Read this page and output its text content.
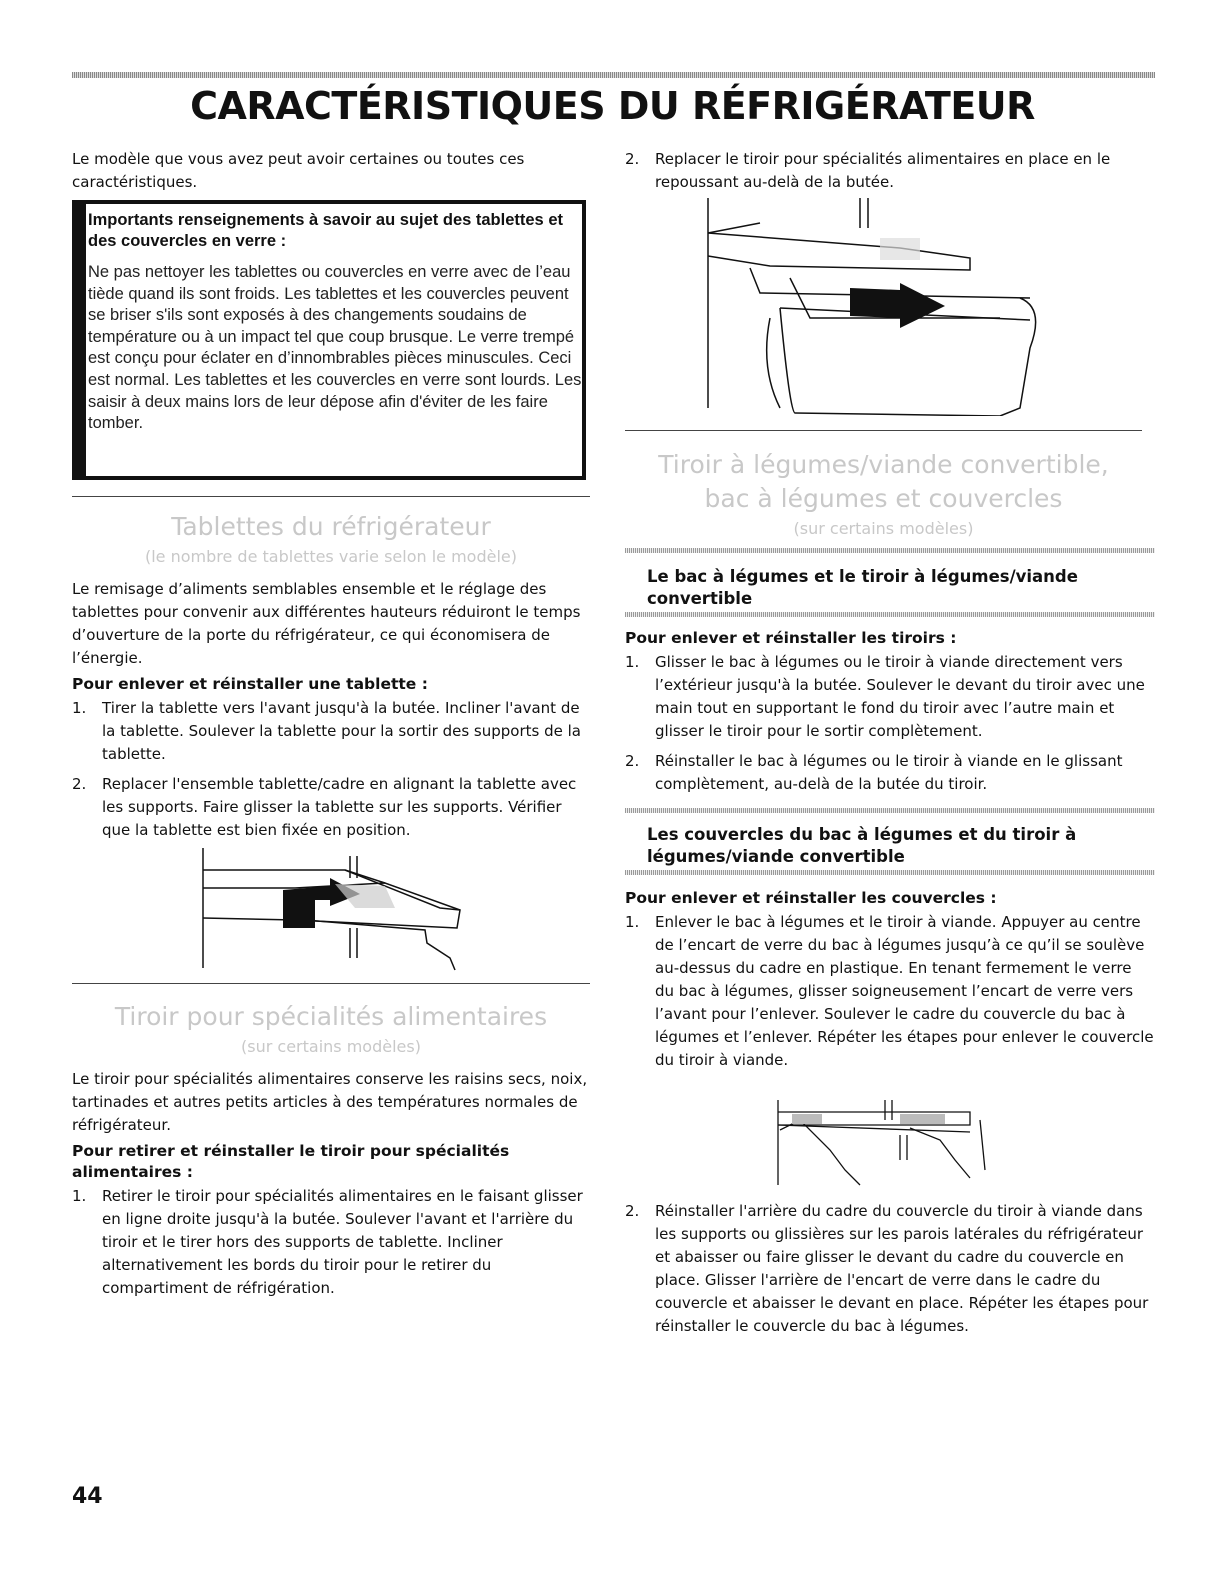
CARACTÉRISTIQUES DU RÉFRIGÉRATEUR

Le modèle que vous avez peut avoir certaines ou toutes ces caractéristiques.

Importants renseignements à savoir au sujet des tablettes et des couvercles en verre :
Ne pas nettoyer les tablettes ou couvercles en verre avec de l’eau tiède quand ils sont froids. Les tablettes et les couvercles peuvent se briser s'ils sont exposés à des changements soudains de température ou à un impact tel que coup brusque. Le verre trempé est conçu pour éclater en d’innombrables pièces minuscules. Ceci est normal. Les tablettes et les couvercles en verre sont lourds. Les saisir à deux mains lors de leur dépose afin d'éviter de les faire tomber.
Tablettes du réfrigérateur
(le nombre de tablettes varie selon le modèle)

Le remisage d’aliments semblables ensemble et le réglage des tablettes pour convenir aux différentes hauteurs réduiront le temps d’ouverture de la porte du réfrigérateur, ce qui économisera de l’énergie.

Pour enlever et réinstaller une tablette :
1.	Tirer la tablette vers l'avant jusqu'à la butée. Incliner l'avant de la tablette. Soulever la tablette pour la sortir des supports de la tablette.
2.	Replacer l'ensemble tablette/cadre en alignant la tablette avec les supports. Faire glisser la tablette sur les supports. Vérifier que la tablette est bien fixée en position.
Tiroir pour spécialités alimentaires
(sur certains modèles)

Le tiroir pour spécialités alimentaires conserve les raisins secs, noix, tartinades et autres petits articles à des températures normales de réfrigérateur.

Pour retirer et réinstaller le tiroir pour spécialités alimentaires :
1.	Retirer le tiroir pour spécialités alimentaires en le faisant glisser en ligne droite jusqu'à la butée. Soulever l'avant et l'arrière du tiroir et le tirer hors des supports de tablette. Incliner alternativement les bords du tiroir pour le retirer du compartiment de réfrigération.
44
2.	Replacer le tiroir pour spécialités alimentaires en place en le repoussant au-delà de la butée.
Tiroir à légumes/viande convertible,
bac à légumes et couvercles
(sur certains modèles)
Le bac à légumes et le tiroir à légumes/viande convertible
Pour enlever et réinstaller les tiroirs :
1.	Glisser le bac à légumes ou le tiroir à viande directement vers l’extérieur jusqu'à la butée. Soulever le devant du tiroir avec une main tout en supportant le fond du tiroir avec l’autre main et glisser le tiroir pour le sortir complètement.
2.	Réinstaller le bac à légumes ou le tiroir à viande en le glissant complètement, au-delà de la butée du tiroir.
Les couvercles du bac à légumes et du tiroir à légumes/viande convertible
Pour enlever et réinstaller les couvercles :
1.	Enlever le bac à légumes et le tiroir à viande. Appuyer au centre de l’encart de verre du bac à légumes jusqu’à ce qu’il se soulève au-dessus du cadre en plastique. En tenant fermement le verre du bac à légumes, glisser soigneusement l’encart de verre vers l’avant pour l’enlever. Soulever le cadre du couvercle du bac à légumes et l’enlever. Répéter les étapes pour enlever le couvercle du tiroir à viande.
2.	Réinstaller l'arrière du cadre du couvercle du tiroir à viande dans les supports ou glissières sur les parois latérales du réfrigérateur et abaisser ou faire glisser le devant du cadre du couvercle en place. Glisser l'arrière de l'encart de verre dans le cadre du couvercle et abaisser le devant en place. Répéter les étapes pour réinstaller le couvercle du bac à légumes.
